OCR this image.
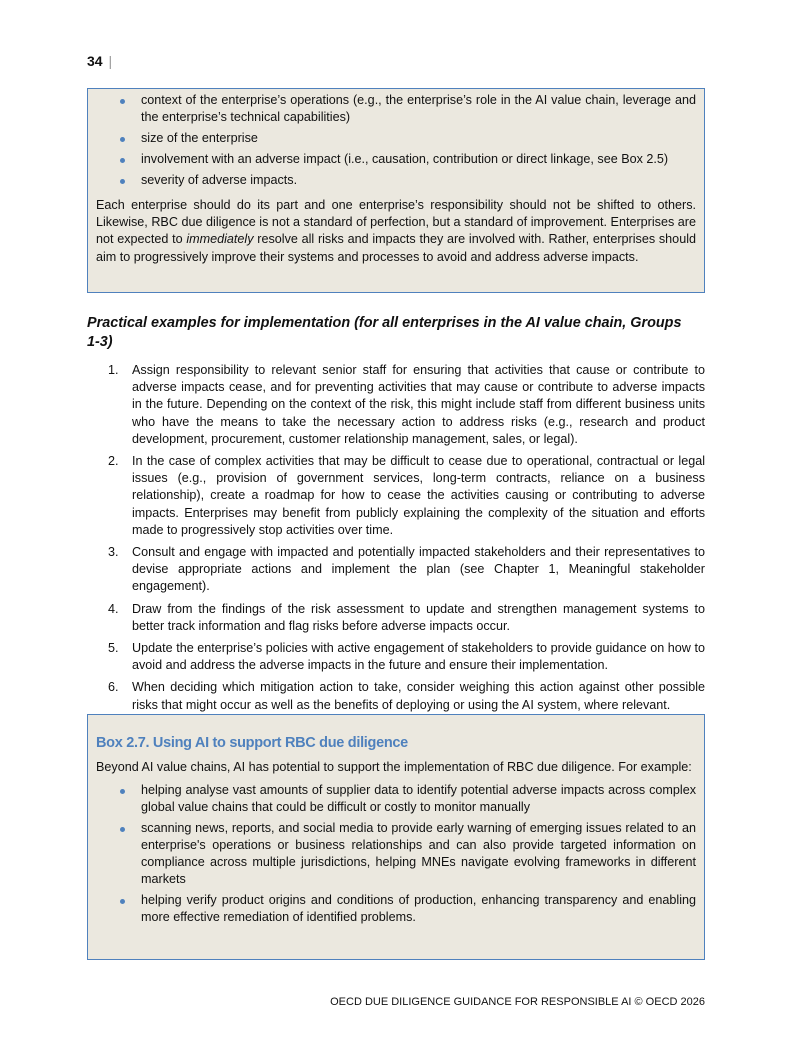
34 |
context of the enterprise’s operations (e.g., the enterprise’s role in the AI value chain, leverage and the enterprise’s technical capabilities)
size of the enterprise
involvement with an adverse impact (i.e., causation, contribution or direct linkage, see Box 2.5)
severity of adverse impacts.

Each enterprise should do its part and one enterprise’s responsibility should not be shifted to others. Likewise, RBC due diligence is not a standard of perfection, but a standard of improvement. Enterprises are not expected to immediately resolve all risks and impacts they are involved with. Rather, enterprises should aim to progressively improve their systems and processes to avoid and address adverse impacts.

Practical examples for implementation (for all enterprises in the AI value chain, Groups 1-3)
1. Assign responsibility to relevant senior staff for ensuring that activities that cause or contribute to adverse impacts cease, and for preventing activities that may cause or contribute to adverse impacts in the future. Depending on the context of the risk, this might include staff from different business units who have the means to take the necessary action to address risks (e.g., research and product development, procurement, customer relationship management, sales, or legal).
2. In the case of complex activities that may be difficult to cease due to operational, contractual or legal issues (e.g., provision of government services, long-term contracts, reliance on a business relationship), create a roadmap for how to cease the activities causing or contributing to adverse impacts. Enterprises may benefit from publicly explaining the complexity of the situation and efforts made to progressively stop activities over time.
3. Consult and engage with impacted and potentially impacted stakeholders and their representatives to devise appropriate actions and implement the plan (see Chapter 1, Meaningful stakeholder engagement).
4. Draw from the findings of the risk assessment to update and strengthen management systems to better track information and flag risks before adverse impacts occur.
5. Update the enterprise’s policies with active engagement of stakeholders to provide guidance on how to avoid and address the adverse impacts in the future and ensure their implementation.
6. When deciding which mitigation action to take, consider weighing this action against other possible risks that might occur as well as the benefits of deploying or using the AI system, where relevant.
Box 2.7. Using AI to support RBC due diligence

Beyond AI value chains, AI has potential to support the implementation of RBC due diligence. For example:

helping analyse vast amounts of supplier data to identify potential adverse impacts across complex global value chains that could be difficult or costly to monitor manually
scanning news, reports, and social media to provide early warning of emerging issues related to an enterprise's operations or business relationships and can also provide targeted information on compliance across multiple jurisdictions, helping MNEs navigate evolving frameworks in different markets
helping verify product origins and conditions of production, enhancing transparency and enabling more effective remediation of identified problems.
OECD DUE DILIGENCE GUIDANCE FOR RESPONSIBLE AI © OECD 2026
